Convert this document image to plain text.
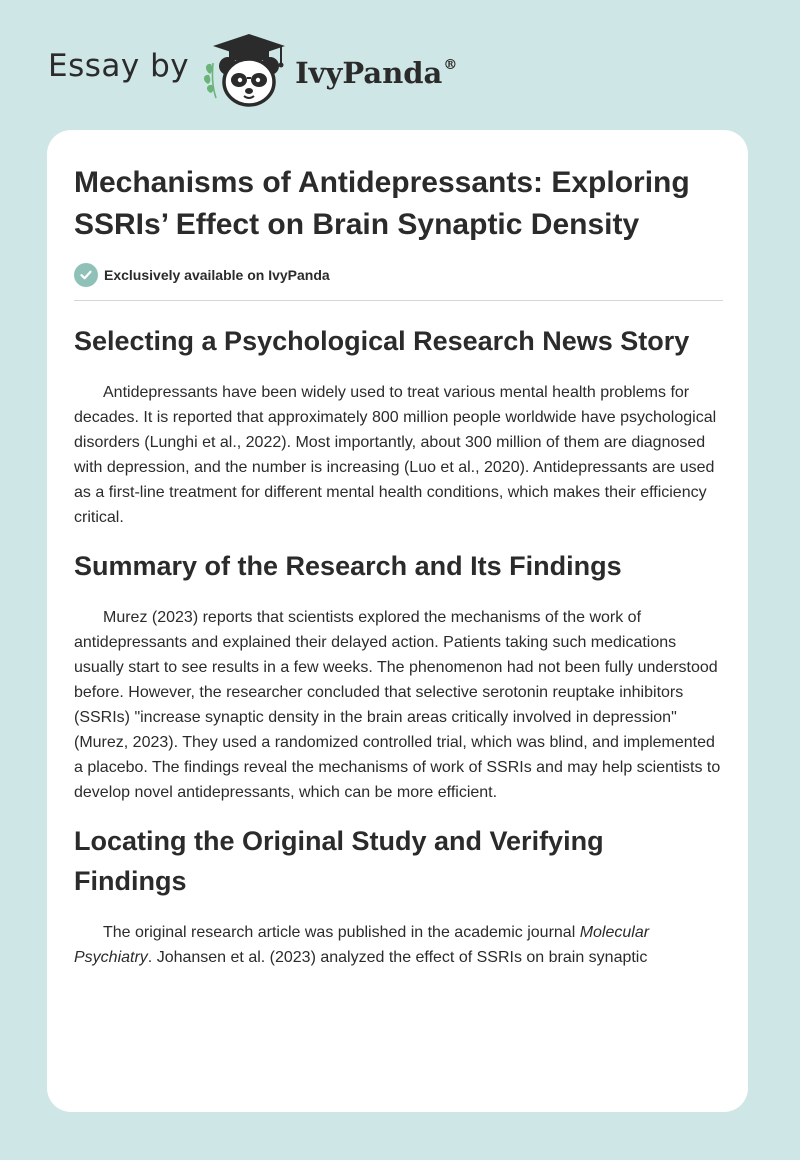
Essay by	IvyPanda®
Mechanisms of Antidepressants: Exploring SSRIs’ Effect on Brain Synaptic Density
Exclusively available on IvyPanda
Selecting a Psychological Research News Story

Antidepressants have been widely used to treat various mental health problems for decades. It is reported that approximately 800 million people worldwide have psychological disorders (Lunghi et al., 2022). Most importantly, about 300 million of them are diagnosed with depression, and the number is increasing (Luo et al., 2020). Antidepressants are used as a first-line treatment for different mental health conditions, which makes their efficiency critical.

Summary of the Research and Its Findings

Murez (2023) reports that scientists explored the mechanisms of the work of antidepressants and explained their delayed action. Patients taking such medications usually start to see results in a few weeks. The phenomenon had not been fully understood before. However, the researcher concluded that selective serotonin reuptake inhibitors (SSRIs) "increase synaptic density in the brain areas critically involved in depression" (Murez, 2023). They used a randomized controlled trial, which was blind, and implemented a placebo. The findings reveal the mechanisms of work of SSRIs and may help scientists to develop novel antidepressants, which can be more efficient.

Locating the Original Study and Verifying Findings

The original research article was published in the academic journal Molecular Psychiatry. Johansen et al. (2023) analyzed the effect of SSRIs on brain synaptic
